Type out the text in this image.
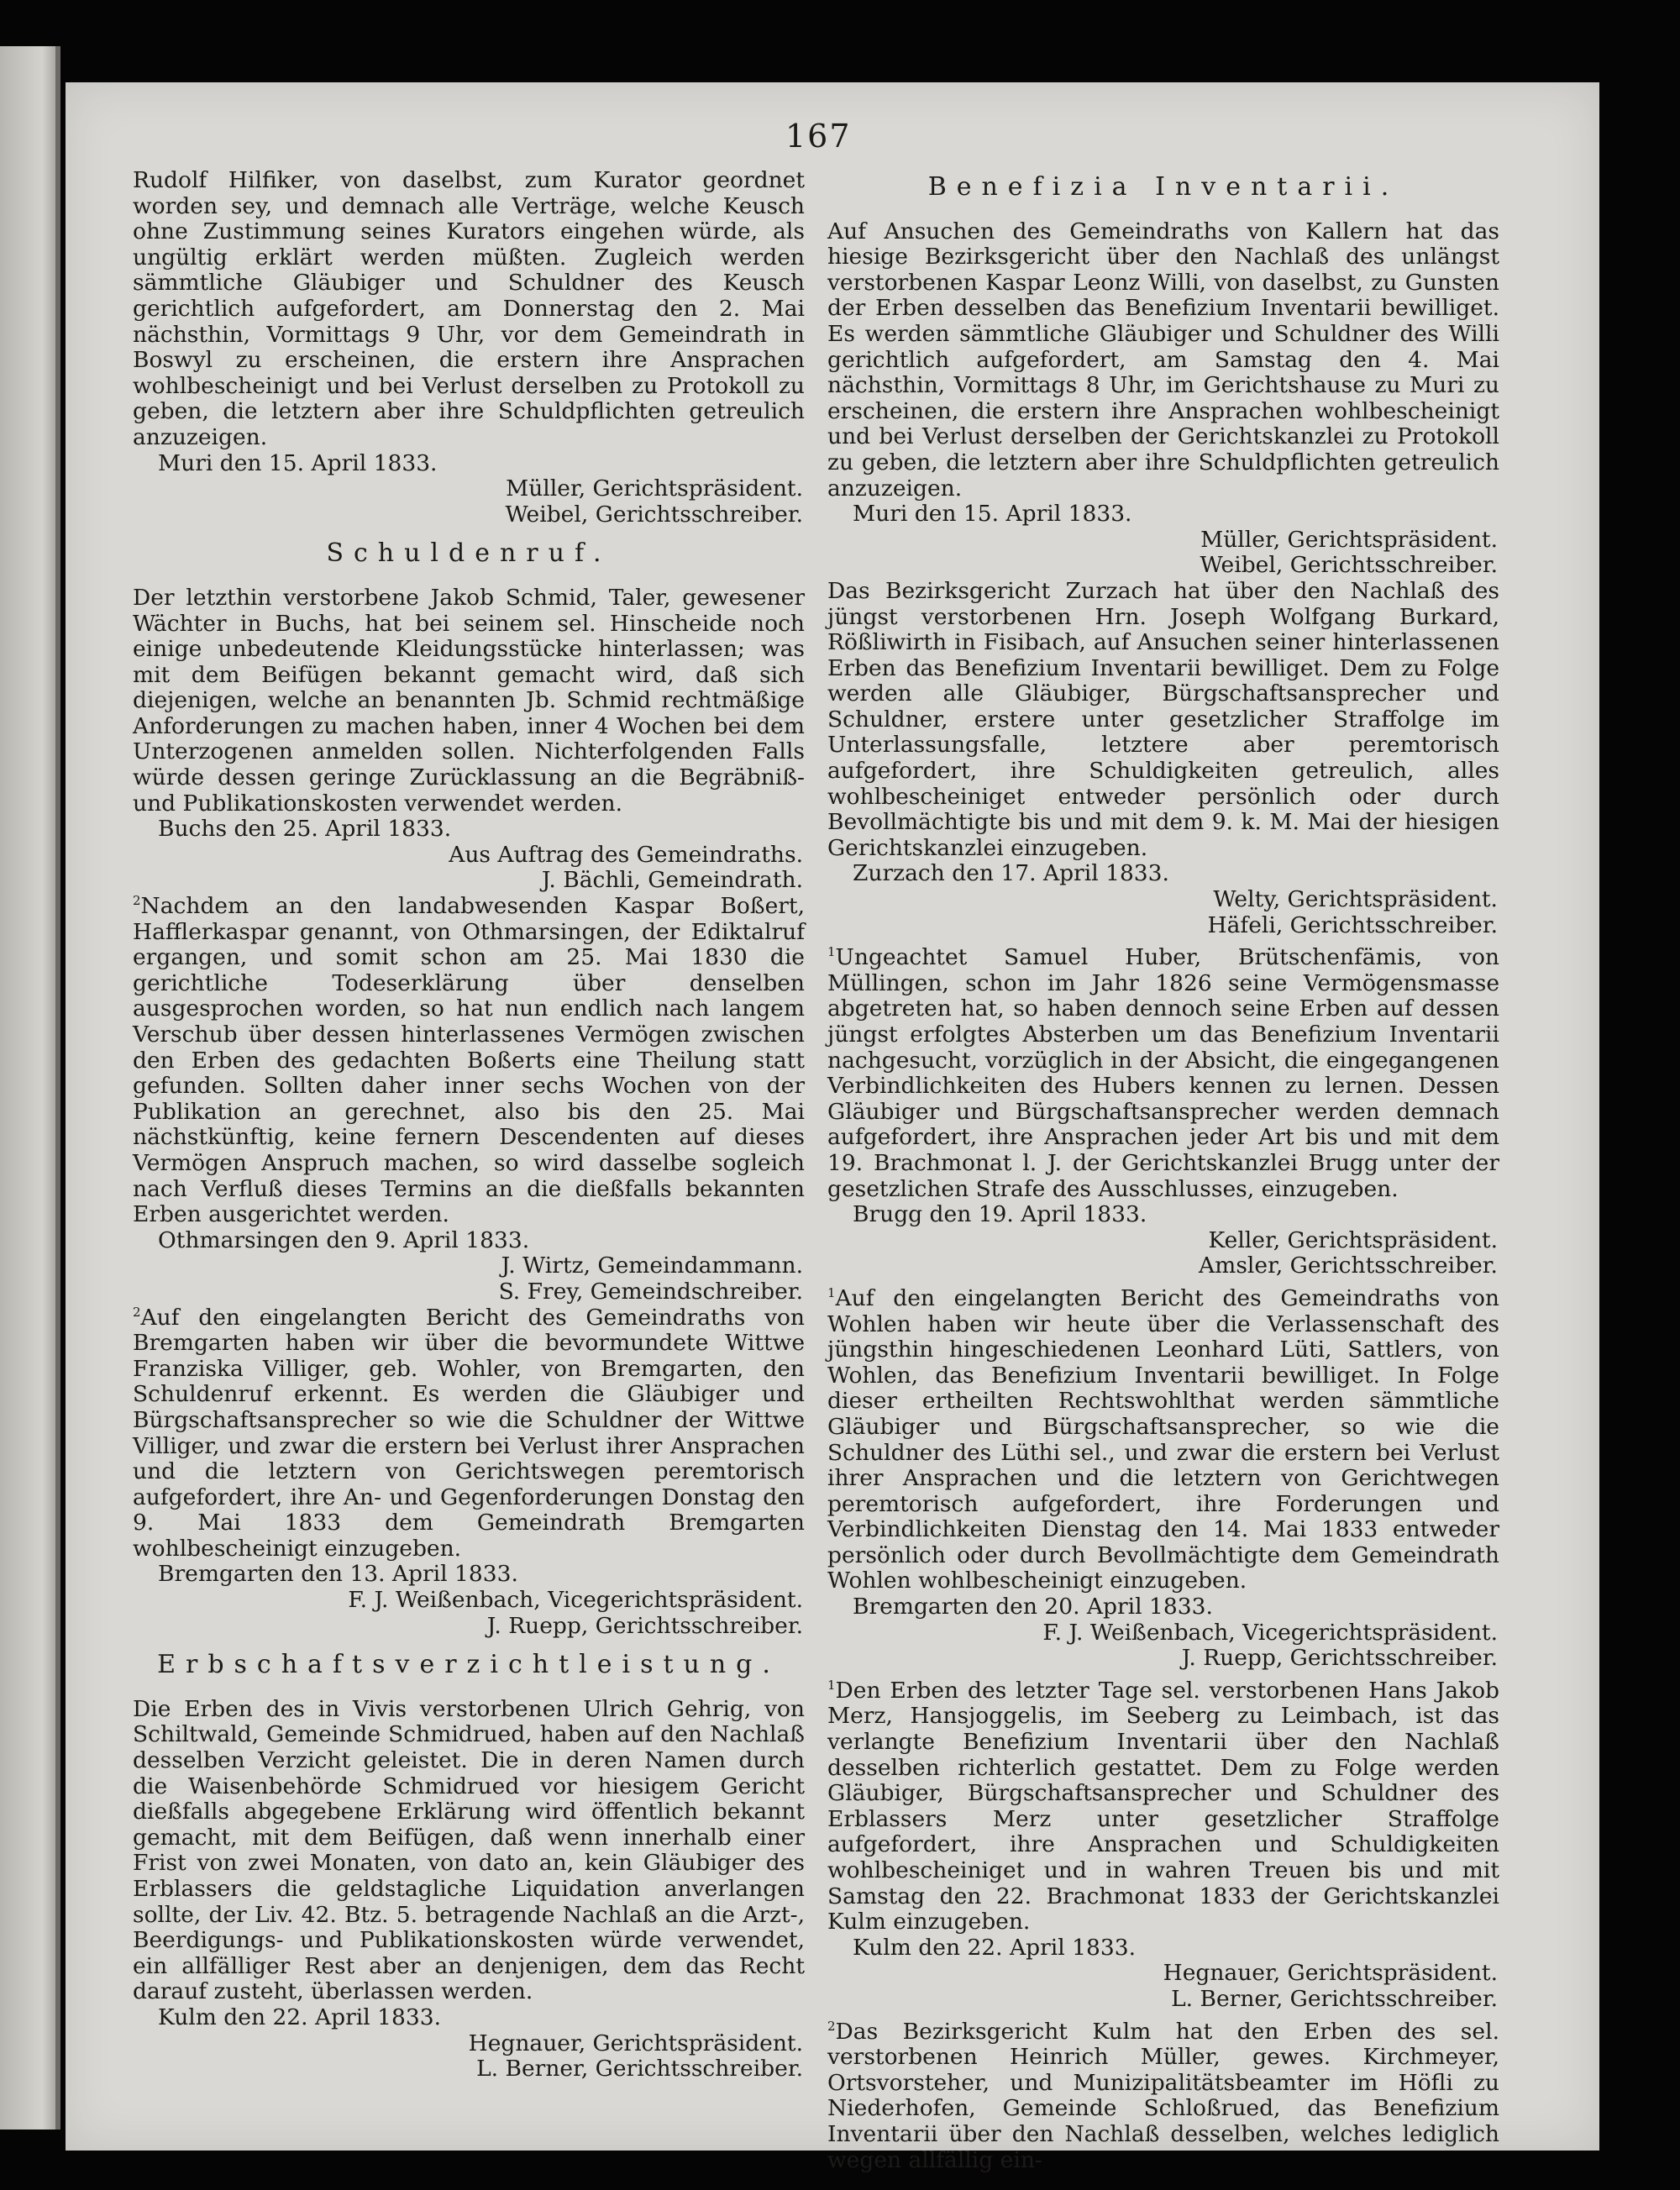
167

Rudolf Hilfiker, von daselbst, zum Kurator geordnet worden sey, und demnach alle Verträge, welche Keusch ohne Zustimmung seines Kurators eingehen würde, als ungültig erklärt werden müßten. Zugleich werden sämmtliche Gläubiger und Schuldner des Keusch gerichtlich aufgefordert, am Donnerstag den 2. Mai nächsthin, Vormittags 9 Uhr, vor dem Gemeindrath in Boswyl zu erscheinen, die erstern ihre Ansprachen wohlbescheinigt und bei Verlust derselben zu Protokoll zu geben, die letztern aber ihre Schuldpflichten getreulich anzuzeigen.

Muri den 15. April 1833.

Müller, Gerichtspräsident.

Weibel, Gerichtsschreiber.

Schuldenruf.

Der letzthin verstorbene Jakob Schmid, Taler, gewesener Wächter in Buchs, hat bei seinem sel. Hinscheide noch einige unbedeutende Kleidungsstücke hinterlassen; was mit dem Beifügen bekannt gemacht wird, daß sich diejenigen, welche an benannten Jb. Schmid rechtmäßige Anforderungen zu machen haben, inner 4 Wochen bei dem Unterzogenen anmelden sollen. Nichterfolgenden Falls würde dessen geringe Zurücklassung an die Begräbniß- und Publikationskosten verwendet werden.

Buchs den 25. April 1833.

Aus Auftrag des Gemeindraths.

J. Bächli, Gemeindrath.

$^2$Nachdem an den landabwesenden Kaspar Boßert, Hafflerkaspar genannt, von Othmarsingen, der Ediktalruf ergangen, und somit schon am 25. Mai 1830 die gerichtliche Todeserklärung über denselben ausgesprochen worden, so hat nun endlich nach langem Verschub über dessen hinterlassenes Vermögen zwischen den Erben des gedachten Boßerts eine Theilung statt gefunden. Sollten daher inner sechs Wochen von der Publikation an gerechnet, also bis den 25. Mai nächstkünftig, keine fernern Descendenten auf dieses Vermögen Anspruch machen, so wird dasselbe sogleich nach Verfluß dieses Termins an die dießfalls bekannten Erben ausgerichtet werden.

Othmarsingen den 9. April 1833.

J. Wirtz, Gemeindammann.

S. Frey, Gemeindschreiber.

$^2$Auf den eingelangten Bericht des Gemeindraths von Bremgarten haben wir über die bevormundete Wittwe Franziska Villiger, geb. Wohler, von Bremgarten, den Schuldenruf erkennt. Es werden die Gläubiger und Bürgschaftsansprecher so wie die Schuldner der Wittwe Villiger, und zwar die erstern bei Verlust ihrer Ansprachen und die letztern von Gerichtswegen peremtorisch aufgefordert, ihre An- und Gegenforderungen Donstag den 9. Mai 1833 dem Gemeindrath Bremgarten wohlbescheinigt einzugeben.

Bremgarten den 13. April 1833.

F. J. Weißenbach, Vicegerichtspräsident.

J. Ruepp, Gerichtsschreiber.

Erbschaftsverzichtleistung.

Die Erben des in Vivis verstorbenen Ulrich Gehrig, von Schiltwald, Gemeinde Schmidrued, haben auf den Nachlaß desselben Verzicht geleistet. Die in deren Namen durch die Waisenbehörde Schmidrued vor hiesigem Gericht dießfalls abgegebene Erklärung wird öffentlich bekannt gemacht, mit dem Beifügen, daß wenn innerhalb einer Frist von zwei Monaten, von dato an, kein Gläubiger des Erblassers die geldstagliche Liquidation anverlangen sollte, der Liv. 42. Btz. 5. betragende Nachlaß an die Arzt-, Beerdigungs- und Publikationskosten würde verwendet, ein allfälliger Rest aber an denjenigen, dem das Recht darauf zusteht, überlassen werden.

Kulm den 22. April 1833.

Hegnauer, Gerichtspräsident.

L. Berner, Gerichtsschreiber.

Benefizia Inventarii.

Auf Ansuchen des Gemeindraths von Kallern hat das hiesige Bezirksgericht über den Nachlaß des unlängst verstorbenen Kaspar Leonz Willi, von daselbst, zu Gunsten der Erben desselben das Benefizium Inventarii bewilliget. Es werden sämmtliche Gläubiger und Schuldner des Willi gerichtlich aufgefordert, am Samstag den 4. Mai nächsthin, Vormittags 8 Uhr, im Gerichtshause zu Muri zu erscheinen, die erstern ihre Ansprachen wohlbescheinigt und bei Verlust derselben der Gerichtskanzlei zu Protokoll zu geben, die letztern aber ihre Schuldpflichten getreulich anzuzeigen.

Muri den 15. April 1833.

Müller, Gerichtspräsident.

Weibel, Gerichtsschreiber.

Das Bezirksgericht Zurzach hat über den Nachlaß des jüngst verstorbenen Hrn. Joseph Wolfgang Burkard, Rößliwirth in Fisibach, auf Ansuchen seiner hinterlassenen Erben das Benefizium Inventarii bewilliget. Dem zu Folge werden alle Gläubiger, Bürgschaftsansprecher und Schuldner, erstere unter gesetzlicher Straffolge im Unterlassungsfalle, letztere aber peremtorisch aufgefordert, ihre Schuldigkeiten getreulich, alles wohlbescheiniget entweder persönlich oder durch Bevollmächtigte bis und mit dem 9. k. M. Mai der hiesigen Gerichtskanzlei einzugeben.

Zurzach den 17. April 1833.

Welty, Gerichtspräsident.

Häfeli, Gerichtsschreiber.

$^1$Ungeachtet Samuel Huber, Brütschenfämis, von Müllingen, schon im Jahr 1826 seine Vermögensmasse abgetreten hat, so haben dennoch seine Erben auf dessen jüngst erfolgtes Absterben um das Benefizium Inventarii nachgesucht, vorzüglich in der Absicht, die eingegangenen Verbindlichkeiten des Hubers kennen zu lernen. Dessen Gläubiger und Bürgschaftsansprecher werden demnach aufgefordert, ihre Ansprachen jeder Art bis und mit dem 19. Brachmonat l. J. der Gerichtskanzlei Brugg unter der gesetzlichen Strafe des Ausschlusses, einzugeben.

Brugg den 19. April 1833.

Keller, Gerichtspräsident.

Amsler, Gerichtsschreiber.

$^1$Auf den eingelangten Bericht des Gemeindraths von Wohlen haben wir heute über die Verlassenschaft des jüngsthin hingeschiedenen Leonhard Lüti, Sattlers, von Wohlen, das Benefizium Inventarii bewilliget. In Folge dieser ertheilten Rechtswohlthat werden sämmtliche Gläubiger und Bürgschaftsansprecher, so wie die Schuldner des Lüthi sel., und zwar die erstern bei Verlust ihrer Ansprachen und die letztern von Gerichtwegen peremtorisch aufgefordert, ihre Forderungen und Verbindlichkeiten Dienstag den 14. Mai 1833 entweder persönlich oder durch Bevollmächtigte dem Gemeindrath Wohlen wohlbescheinigt einzugeben.

Bremgarten den 20. April 1833.

F. J. Weißenbach, Vicegerichtspräsident.

J. Ruepp, Gerichtsschreiber.

$^1$Den Erben des letzter Tage sel. verstorbenen Hans Jakob Merz, Hansjoggelis, im Seeberg zu Leimbach, ist das verlangte Benefizium Inventarii über den Nachlaß desselben richterlich gestattet. Dem zu Folge werden Gläubiger, Bürgschaftsansprecher und Schuldner des Erblassers Merz unter gesetzlicher Straffolge aufgefordert, ihre Ansprachen und Schuldigkeiten wohlbescheiniget und in wahren Treuen bis und mit Samstag den 22. Brachmonat 1833 der Gerichtskanzlei Kulm einzugeben.

Kulm den 22. April 1833.

Hegnauer, Gerichtspräsident.

L. Berner, Gerichtsschreiber.

$^2$Das Bezirksgericht Kulm hat den Erben des sel. verstorbenen Heinrich Müller, gewes. Kirchmeyer, Ortsvorsteher, und Munizipalitätsbeamter im Höfli zu Niederhofen, Gemeinde Schloßrued, das Benefizium Inventarii über den Nachlaß desselben, welches lediglich wegen allfällig ein-
